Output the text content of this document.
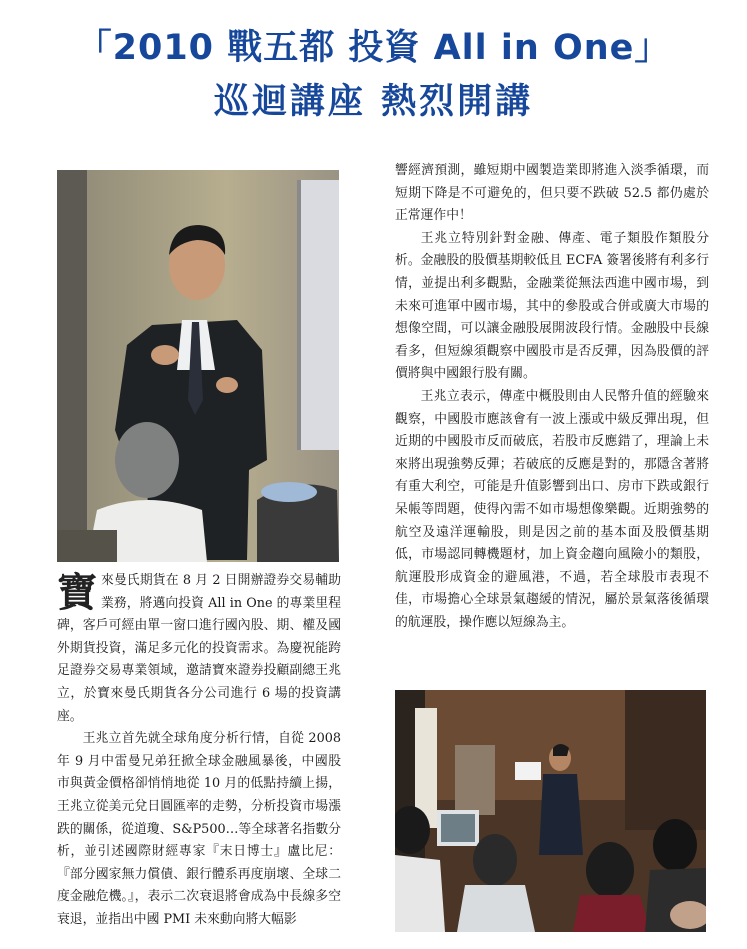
「2010 戰五都 投資 All in One」
巡迴講座 熱烈開講

寶來曼氏期貨在 8 月 2 日開辦證券交易輔助業務，將邁向投資 All in One 的專業里程碑，客戶可經由單一窗口進行國內股、期、權及國外期貨投資，滿足多元化的投資需求。為慶祝能跨足證券交易專業領域，邀請寶來證券投顧副總王兆立，於寶來曼氏期貨各分公司進行 6 場的投資講座。

王兆立首先就全球角度分析行情，自從 2008 年 9 月中雷曼兄弟狂掀全球金融風暴後，中國股市與黃金價格卻悄悄地從 10 月的低點持續上揚，王兆立從美元兌日圓匯率的走勢，分析投資市場漲跌的關係，從道瓊、S&P500…等全球著名指數分析，並引述國際財經專家『末日博士』盧比尼：『部分國家無力償債、銀行體系再度崩壞、全球二度金融危機。』，表示二次衰退將會成為中長線多空衰退，並指出中國 PMI 未來動向將大幅影

響經濟預測，雖短期中國製造業即將進入淡季循環，而短期下降是不可避免的，但只要不跌破 52.5 都仍處於正常運作中！

王兆立特別針對金融、傳產、電子類股作類股分析。金融股的股價基期較低且 ECFA 簽署後將有利多行情，並提出利多觀點，金融業從無法西進中國市場，到未來可進軍中國市場，其中的參股或合併或廣大市場的想像空間，可以讓金融股展開波段行情。金融股中長線看多，但短線須觀察中國股市是否反彈，因為股價的評價將與中國銀行股有關。

王兆立表示，傳產中概股則由人民幣升值的經驗來觀察，中國股市應該會有一波上漲或中級反彈出現，但近期的中國股市反而破底，若股市反應錯了，理論上未來將出現強勢反彈；若破底的反應是對的，那隱含著將有重大利空，可能是升值影響到出口、房市下跌或銀行呆帳等問題，使得內需不如市場想像樂觀。近期強勢的航空及遠洋運輸股，則是因之前的基本面及股價基期低，市場認同轉機題材，加上資金趨向風險小的類股，航運股形成資金的避風港，不過，若全球股市表現不佳，市場擔心全球景氣趨緩的情況，屬於景氣落後循環的航運股，操作應以短線為主。
